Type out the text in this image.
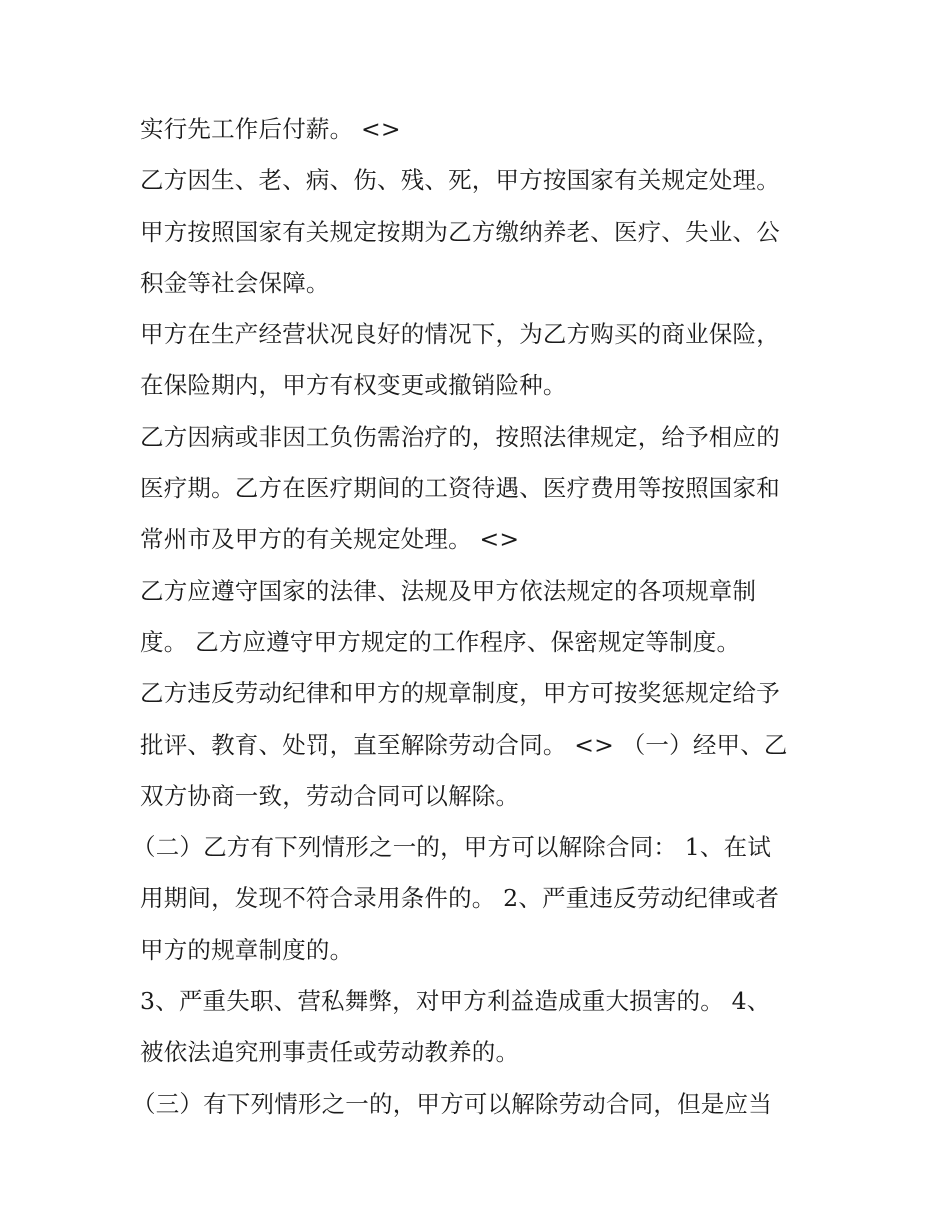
实行先工作后付薪。 <>
乙方因生、老、病、伤、残、死，甲方按国家有关规定处理。
甲方按照国家有关规定按期为乙方缴纳养老、医疗、失业、公
积金等社会保障。
甲方在生产经营状况良好的情况下，为乙方购买的商业保险，
在保险期内，甲方有权变更或撤销险种。
乙方因病或非因工负伤需治疗的，按照法律规定，给予相应的
医疗期。乙方在医疗期间的工资待遇、医疗费用等按照国家和
常州市及甲方的有关规定处理。 <>
乙方应遵守国家的法律、法规及甲方依法规定的各项规章制
度。 乙方应遵守甲方规定的工作程序、保密规定等制度。
乙方违反劳动纪律和甲方的规章制度，甲方可按奖惩规定给予
批评、教育、处罚，直至解除劳动合同。 <> （一）经甲、乙
双方协商一致，劳动合同可以解除。
（二）乙方有下列情形之一的，甲方可以解除合同： 1、在试
用期间，发现不符合录用条件的。 2、严重违反劳动纪律或者
甲方的规章制度的。
3、严重失职、营私舞弊，对甲方利益造成重大损害的。 4、
被依法追究刑事责任或劳动教养的。
（三）有下列情形之一的，甲方可以解除劳动合同，但是应当
